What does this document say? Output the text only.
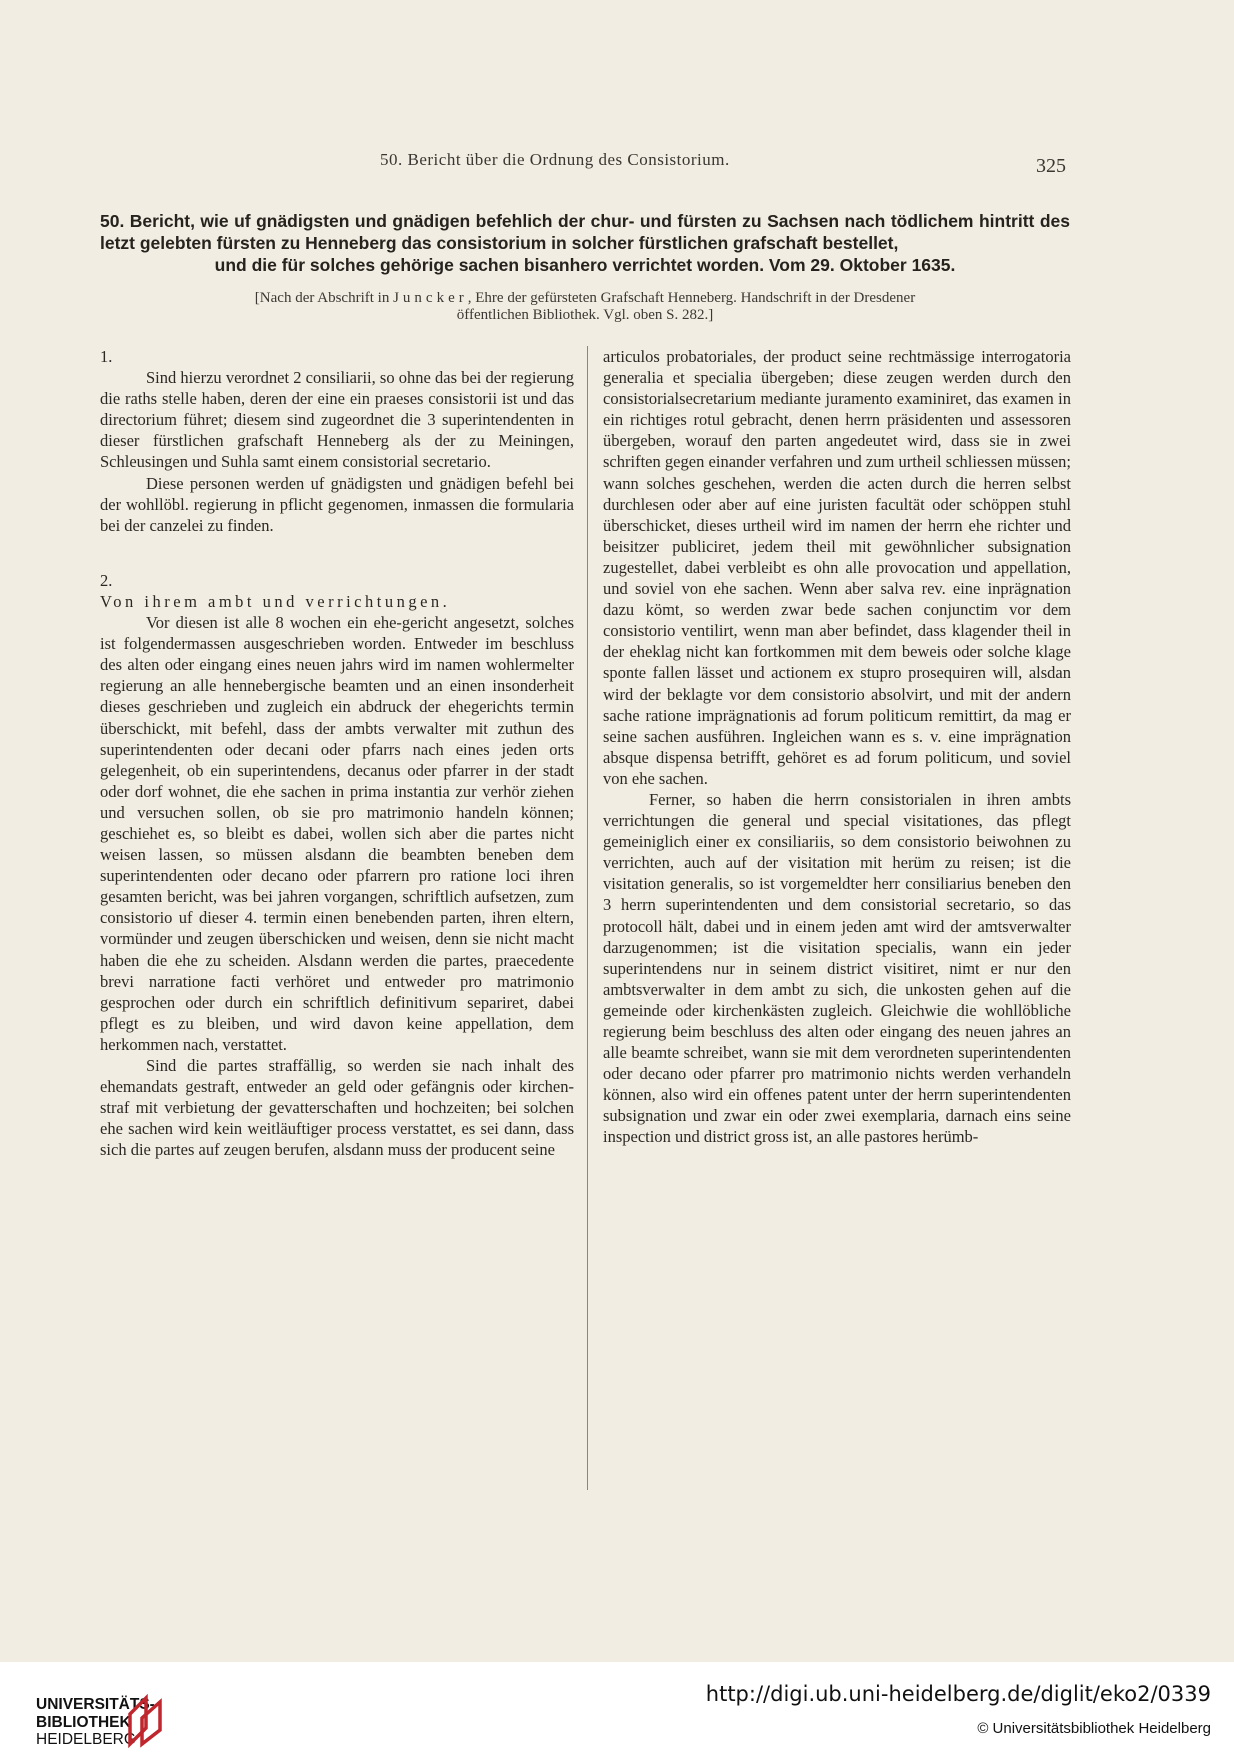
50. Bericht über die Ordnung des Consistorium.	325
50. Bericht, wie uf gnädigsten und gnädigen befehlich der chur- und fürsten zu Sachsen nach tödlichem hintritt des letzt gelebten fürsten zu Henneberg das consistorium in solcher fürstlichen grafschaft bestellet,
und die für solches gehörige sachen bisanhero verrichtet worden. Vom 29. Oktober 1635.
[Nach der Abschrift in Juncker, Ehre der gefürsteten Grafschaft Henneberg. Handschrift in der Dresdener
öffentlichen Bibliothek. Vgl. oben S. 282.]

1.

Sind hierzu verordnet 2 consiliarii, so ohne das bei der regierung die raths stelle haben, deren der eine ein praeses consistorii ist und das directorium führet; diesem sind zugeordnet die 3 superintendenten in dieser fürstlichen grafschaft Henneberg als der zu Meiningen, Schleusingen und Suhla samt einem consistorial secretario.

Diese personen werden uf gnädigsten und gnädigen befehl bei der wohllöbl. regierung in pflicht gegenomen, inmassen die formularia bei der canzelei zu finden.

2.

Von ihrem ambt und verrichtungen.

Vor diesen ist alle 8 wochen ein ehe-gericht angesetzt, solches ist folgendermassen ausgeschrieben worden. Entweder im beschluss des alten oder eingang eines neuen jahrs wird im namen wohlermelter regierung an alle hennebergische beamten und an einen insonderheit dieses geschrieben und zugleich ein abdruck der ehegerichts termin überschickt, mit befehl, dass der ambts verwalter mit zuthun des superintendenten oder decani oder pfarrs nach eines jeden orts gelegenheit, ob ein superintendens, decanus oder pfarrer in der stadt oder dorf wohnet, die ehe sachen in prima instantia zur verhör ziehen und versuchen sollen, ob sie pro matrimonio handeln können; geschiehet es, so bleibt es dabei, wollen sich aber die partes nicht weisen lassen, so müssen alsdann die beambten beneben dem superintendenten oder decano oder pfarrern pro ratione loci ihren gesamten bericht, was bei jahren vorgangen, schriftlich aufsetzen, zum consistorio uf dieser 4. termin einen benebenden parten, ihren eltern, vormünder und zeugen überschicken und weisen, denn sie nicht macht haben die ehe zu scheiden. Alsdann werden die partes, praecedente brevi narratione facti verhöret und entweder pro matrimonio gesprochen oder durch ein schriftlich definitivum separiret, dabei pflegt es zu bleiben, und wird davon keine appellation, dem herkommen nach, verstattet.

Sind die partes straffällig, so werden sie nach inhalt des ehemandats gestraft, entweder an geld oder gefängnis oder kirchen-straf mit verbietung der gevatterschaften und hochzeiten; bei solchen ehe sachen wird kein weitläuftiger process verstattet, es sei dann, dass sich die partes auf zeugen berufen, alsdann muss der producent seine

articulos probatoriales, der product seine rechtmässige interrogatoria generalia et specialia übergeben; diese zeugen werden durch den consistorialsecretarium mediante juramento examiniret, das examen in ein richtiges rotul gebracht, denen herrn präsidenten und assessoren übergeben, worauf den parten angedeutet wird, dass sie in zwei schriften gegen einander verfahren und zum urtheil schliessen müssen; wann solches geschehen, werden die acten durch die herren selbst durchlesen oder aber auf eine juristen facultät oder schöppen stuhl überschicket, dieses urtheil wird im namen der herrn ehe richter und beisitzer publiciret, jedem theil mit gewöhnlicher subsignation zugestellet, dabei verbleibt es ohn alle provocation und appellation, und soviel von ehe sachen. Wenn aber salva rev. eine inprägnation dazu kömt, so werden zwar bede sachen conjunctim vor dem consistorio ventilirt, wenn man aber befindet, dass klagender theil in der eheklag nicht kan fortkommen mit dem beweis oder solche klage sponte fallen lässet und actionem ex stupro prosequiren will, alsdan wird der beklagte vor dem consistorio absolvirt, und mit der andern sache ratione imprägnationis ad forum politicum remittirt, da mag er seine sachen ausführen. Ingleichen wann es s. v. eine imprägnation absque dispensa betrifft, gehöret es ad forum politicum, und soviel von ehe sachen.

Ferner, so haben die herrn consistorialen in ihren ambts verrichtungen die general und special visitationes, das pflegt gemeiniglich einer ex consiliariis, so dem consistorio beiwohnen zu verrichten, auch auf der visitation mit herüm zu reisen; ist die visitation generalis, so ist vorgemeldter herr consiliarius beneben den 3 herrn superintendenten und dem consistorial secretario, so das protocoll hält, dabei und in einem jeden amt wird der amtsverwalter darzugenommen; ist die visitation specialis, wann ein jeder superintendens nur in seinem district visitiret, nimt er nur den ambtsverwalter in dem ambt zu sich, die unkosten gehen auf die gemeinde oder kirchenkästen zugleich. Gleichwie die wohllöbliche regierung beim beschluss des alten oder eingang des neuen jahres an alle beamte schreibet, wann sie mit dem verordneten superintendenten oder decano oder pfarrer pro matrimonio nichts werden verhandeln können, also wird ein offenes patent unter der herrn superintendenten subsignation und zwar ein oder zwei exemplaria, darnach eins seine inspection und district gross ist, an alle pastores herümb-

UNIVERSITÄTS-
BIBLIOTHEK
HEIDELBERG
http://digi.ub.uni-heidelberg.de/diglit/eko2/0339
© Universitätsbibliothek Heidelberg
